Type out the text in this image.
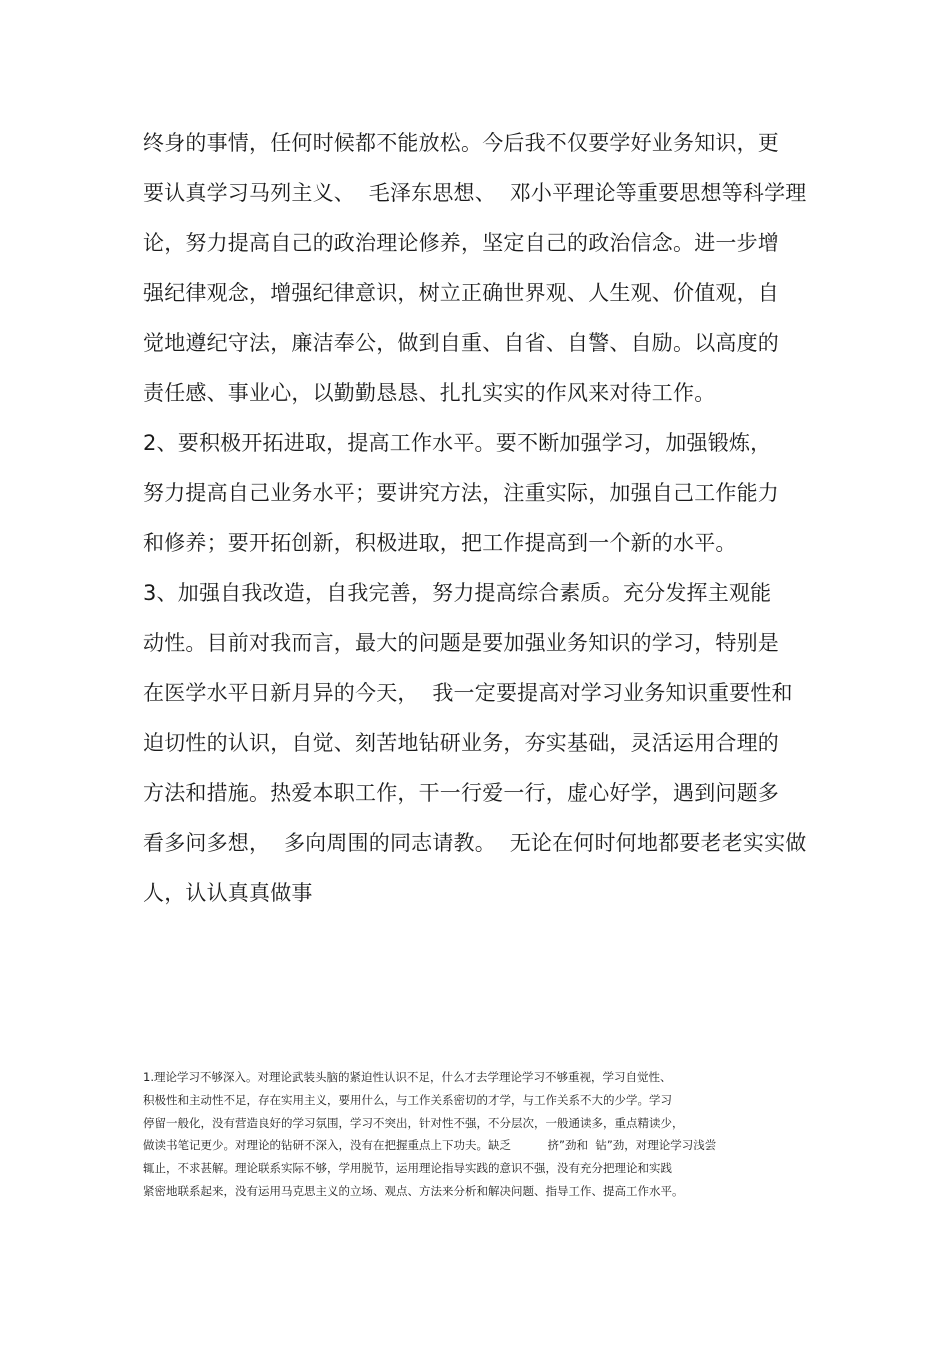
终身的事情，任何时候都不能放松。今后我不仅要学好业务知识，更
要认真学习马列主义、  毛泽东思想、  邓小平理论等重要思想等科学理
论，努力提高自己的政治理论修养，坚定自己的政治信念。进一步增
强纪律观念，增强纪律意识，树立正确世界观、人生观、价值观，自
觉地遵纪守法，廉洁奉公，做到自重、自省、自警、自励。以高度的
责任感、事业心，以勤勤恳恳、扎扎实实的作风来对待工作。
2、要积极开拓进取，提高工作水平。要不断加强学习，加强锻炼，
努力提高自己业务水平；要讲究方法，注重实际，加强自己工作能力
和修养；要开拓创新，积极进取，把工作提高到一个新的水平。
3、加强自我改造，自我完善，努力提高综合素质。充分发挥主观能
动性。目前对我而言，最大的问题是要加强业务知识的学习，特别是
在医学水平日新月异的今天，  我一定要提高对学习业务知识重要性和
迫切性的认识，自觉、刻苦地钻研业务，夯实基础，灵活运用合理的
方法和措施。热爱本职工作，干一行爱一行，虚心好学，遇到问题多
看多问多想，  多向周围的同志请教。  无论在何时何地都要老老实实做
人，认认真真做事
1.理论学习不够深入。对理论武装头脑的紧迫性认识不足，什么才去学理论学习不够重视，学习自觉性、
积极性和主动性不足，存在实用主义，要用什么，与工作关系密切的才学，与工作关系不大的少学。学习
停留一般化，没有营造良好的学习氛围，学习不突出，针对性不强，不分层次，一般通读多，重点精读少，
做读书笔记更少。对理论的钻研不深入，没有在把握重点上下功夫。缺乏          挤”劲和  钻”劲，对理论学习浅尝
辄止，不求甚解。理论联系实际不够，学用脱节，运用理论指导实践的意识不强，没有充分把理论和实践
紧密地联系起来，没有运用马克思主义的立场、观点、方法来分析和解决问题、指导工作、提高工作水平。
